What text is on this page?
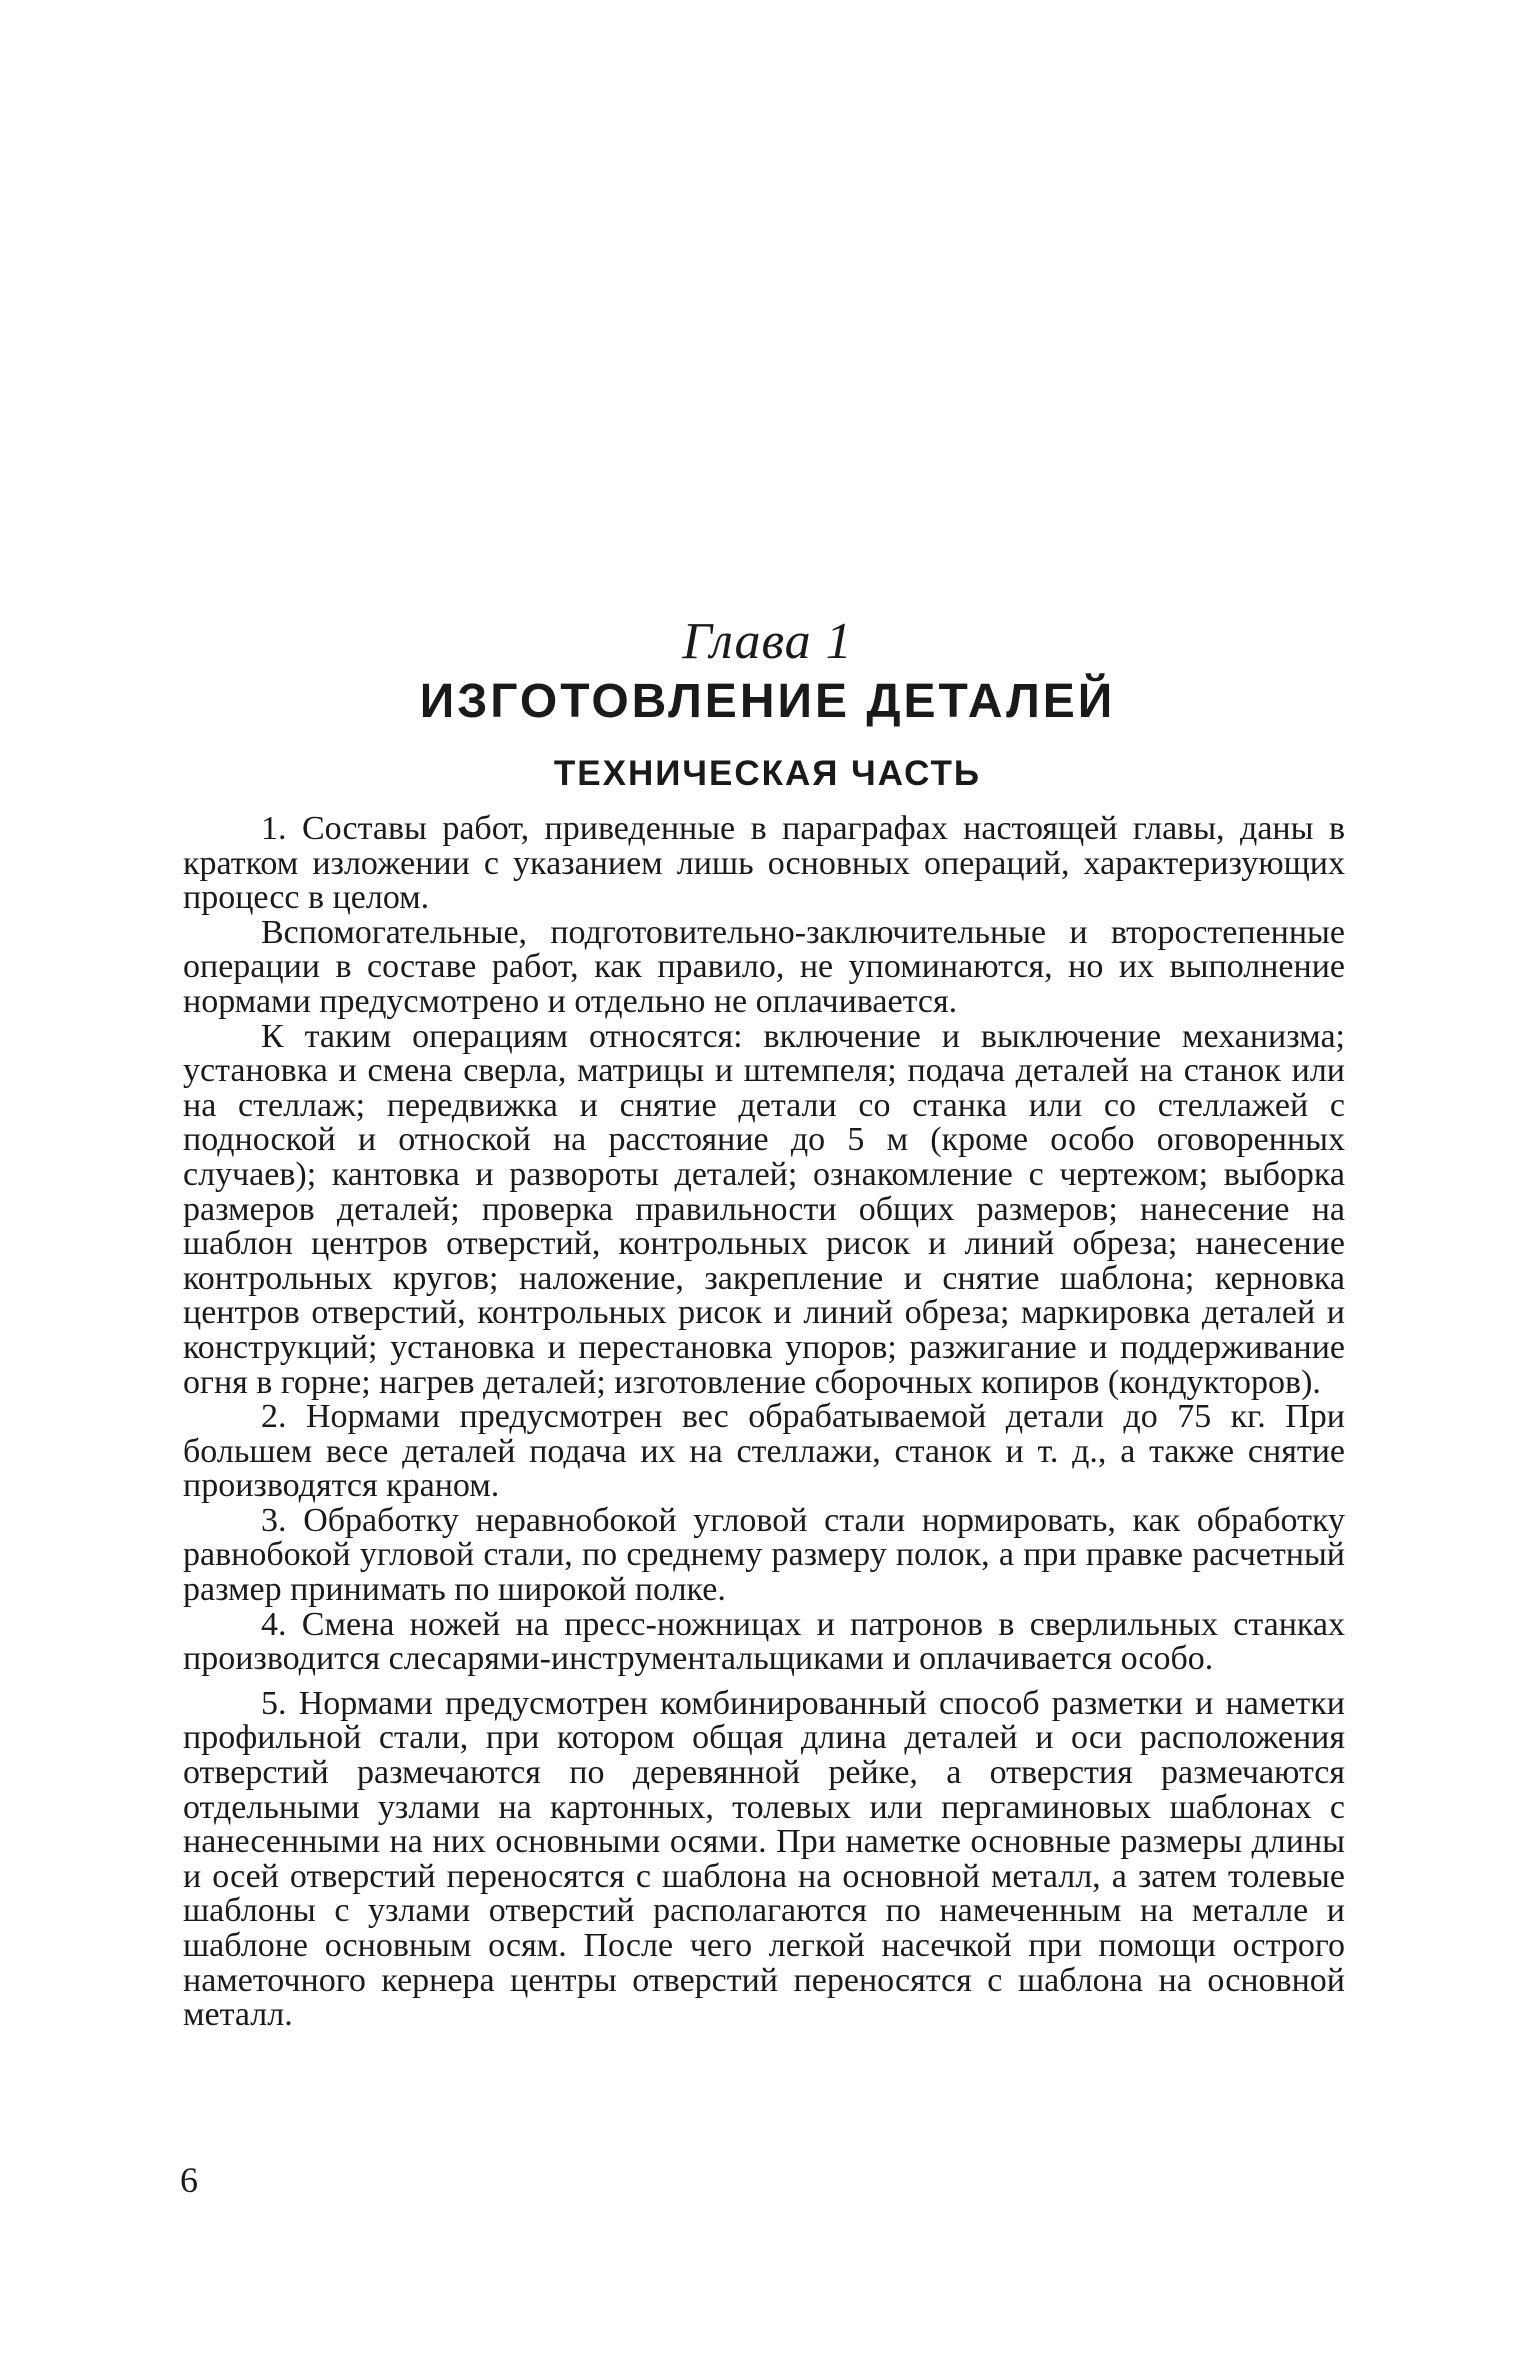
Глава 1
ИЗГОТОВЛЕНИЕ ДЕТАЛЕЙ
ТЕХНИЧЕСКАЯ ЧАСТЬ

1. Составы работ, приведенные в параграфах настоящей главы, даны в кратком изложении с указанием лишь основных операций, характеризующих процесс в целом.

Вспомогательные, подготовительно-заключительные и второстепенные операции в составе работ, как правило, не упоминаются, но их выполнение нормами предусмотрено и отдельно не оплачивается.

К таким операциям относятся: включение и выключение механизма; установка и смена сверла, матрицы и штемпеля; подача деталей на станок или на стеллаж; передвижка и снятие детали со станка или со стеллажей с подноской и отноской на расстояние до 5 м (кроме особо оговоренных случаев); кантовка и развороты деталей; ознакомление с чертежом; выборка размеров деталей; проверка правильности общих размеров; нанесение на шаблон центров отверстий, контрольных рисок и линий обреза; нанесение контрольных кругов; наложение, закрепление и снятие шаблона; керновка центров отверстий, контрольных рисок и линий обреза; маркировка деталей и конструкций; установка и перестановка упоров; разжигание и поддерживание огня в горне; нагрев деталей; изготовление сборочных копиров (кондукторов).

2. Нормами предусмотрен вес обрабатываемой детали до 75 кг. При большем весе деталей подача их на стеллажи, станок и т. д., а также снятие производятся краном.

3. Обработку неравнобокой угловой стали нормировать, как обработку равнобокой угловой стали, по среднему размеру полок, а при правке расчетный размер принимать по широкой полке.

4. Смена ножей на пресс-ножницах и патронов в сверлильных станках производится слесарями-инструментальщиками и оплачивается особо.

5. Нормами предусмотрен комбинированный способ разметки и наметки профильной стали, при котором общая длина деталей и оси расположения отверстий размечаются по деревянной рейке, а отверстия размечаются отдельными узлами на картонных, толевых или пергаминовых шаблонах с нанесенными на них основными осями. При наметке основные размеры длины и осей отверстий переносятся с шаблона на основной металл, а затем толевые шаблоны с узлами отверстий располагаются по намеченным на металле и шаблоне основным осям. После чего легкой насечкой при помощи острого наметочного кернера центры отверстий переносятся с шаблона на основной металл.

6
